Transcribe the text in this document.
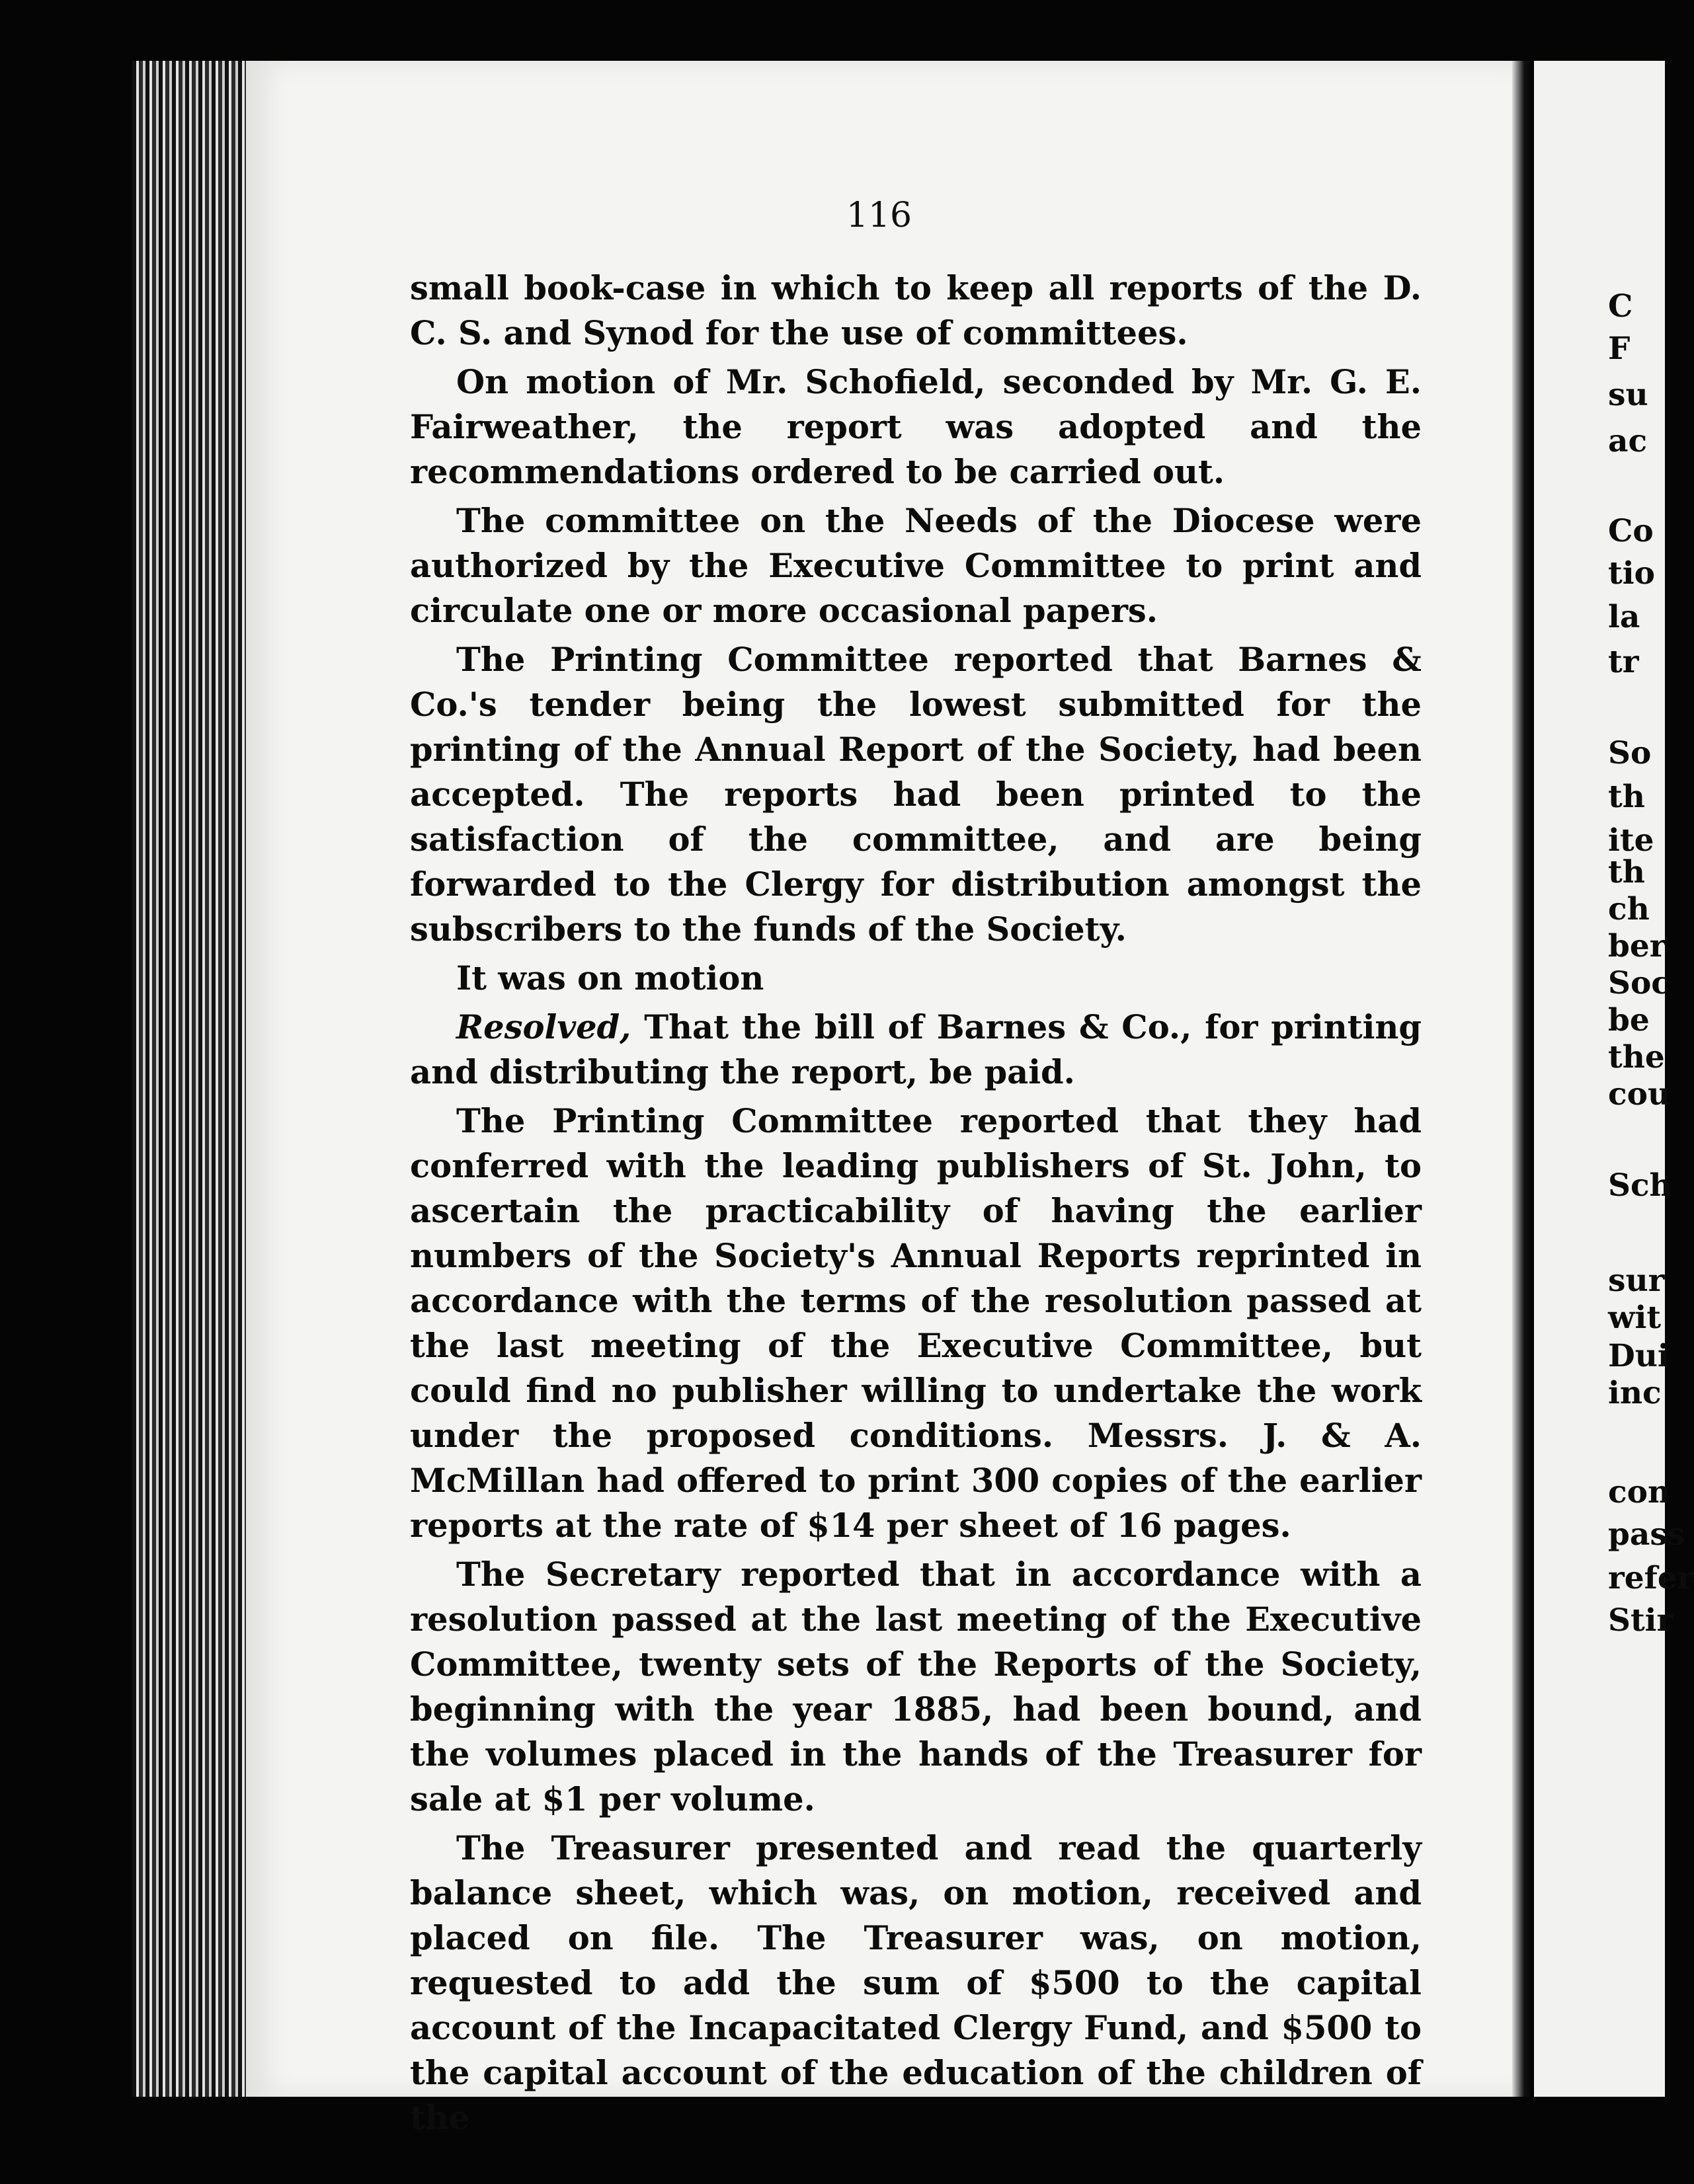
116

small book-case in which to keep all reports of the D. C. S. and Synod for the use of committees.

On motion of Mr. Schofield, seconded by Mr. G. E. Fairweather, the report was adopted and the recommendations ordered to be carried out.

The committee on the Needs of the Diocese were authorized by the Executive Committee to print and circulate one or more occasional papers.

The Printing Committee reported that Barnes & Co.'s tender being the lowest submitted for the printing of the Annual Report of the Society, had been accepted. The reports had been printed to the satisfaction of the committee, and are being forwarded to the Clergy for distribution amongst the subscribers to the funds of the Society.

It was on motion

Resolved, That the bill of Barnes & Co., for printing and distributing the report, be paid.

The Printing Committee reported that they had conferred with the leading publishers of St. John, to ascertain the practicability of having the earlier numbers of the Society's Annual Reports reprinted in accordance with the terms of the resolution passed at the last meeting of the Executive Committee, but could find no publisher willing to undertake the work under the proposed conditions. Messrs. J. & A. McMillan had offered to print 300 copies of the earlier reports at the rate of $14 per sheet of 16 pages.

The Secretary reported that in accordance with a resolution passed at the last meeting of the Executive Committee, twenty sets of the Reports of the Society, beginning with the year 1885, had been bound, and the volumes placed in the hands of the Treasurer for sale at $1 per volume.

The Treasurer presented and read the quarterly balance sheet, which was, on motion, received and placed on file. The Treasurer was, on motion, requested to add the sum of $500 to the capital account of the Incapacitated Clergy Fund, and $500 to the capital account of the education of the children of the

C
F
su
ac
Co
tio
la
tr
So
th
ite
th
ch
ber
Soc
be
the
cou
Sch
sur
wit
Dui
inc
con
pass
refer
Stir
